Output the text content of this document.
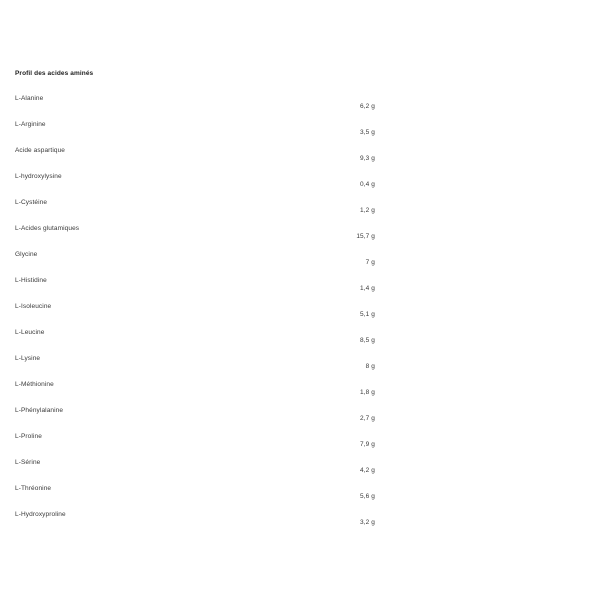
Profil des acides aminés
L-Alanine
6,2 g
L-Arginine
3,5 g
Acide aspartique
9,3 g
L-hydroxylysine
0,4 g
L-Cystéine
1,2 g
L-Acides glutamiques
15,7 g
Glycine
7 g
L-Histidine
1,4 g
L-Isoleucine
5,1 g
L-Leucine
8,5 g
L-Lysine
8 g
L-Méthionine
1,8 g
L-Phénylalanine
2,7 g
L-Proline
7,9 g
L-Sérine
4,2 g
L-Thréonine
5,6 g
L-Hydroxyproline
3,2 g
